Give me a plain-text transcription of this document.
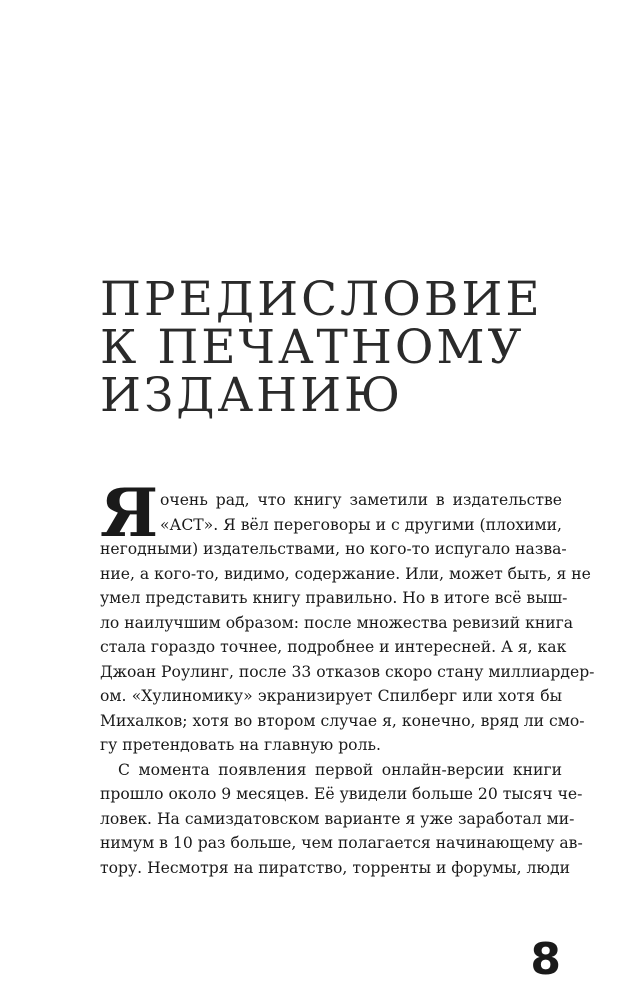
ПРЕДИСЛОВИЕ
К ПЕЧАТНОМУ
ИЗДАНИЮ
Я очень рад, что книгу заметили в издательстве
«АСТ». Я вёл переговоры и с другими (плохими,
негодными) издательствами, но кого-то испугало назва-
ние, а кого-то, видимо, содержание. Или, может быть, я не
умел представить книгу правильно. Но в итоге всё выш-
ло наилучшим образом: после множества ревизий книга
стала гораздо точнее, подробнее и интересней. А я, как
Джоан Роулинг, после 33 отказов скоро стану миллиардер-
ом. «Хулиномику» экранизирует Спилберг или хотя бы
Михалков; хотя во втором случае я, конечно, вряд ли смо-
гу претендовать на главную роль.
С момента появления первой онлайн-версии книги
прошло около 9 месяцев. Её увидели больше 20 тысяч че-
ловек. На самиздатовском варианте я уже заработал ми-
нимум в 10 раз больше, чем полагается начинающему ав-
тору. Несмотря на пиратство, торренты и форумы, люди
8
